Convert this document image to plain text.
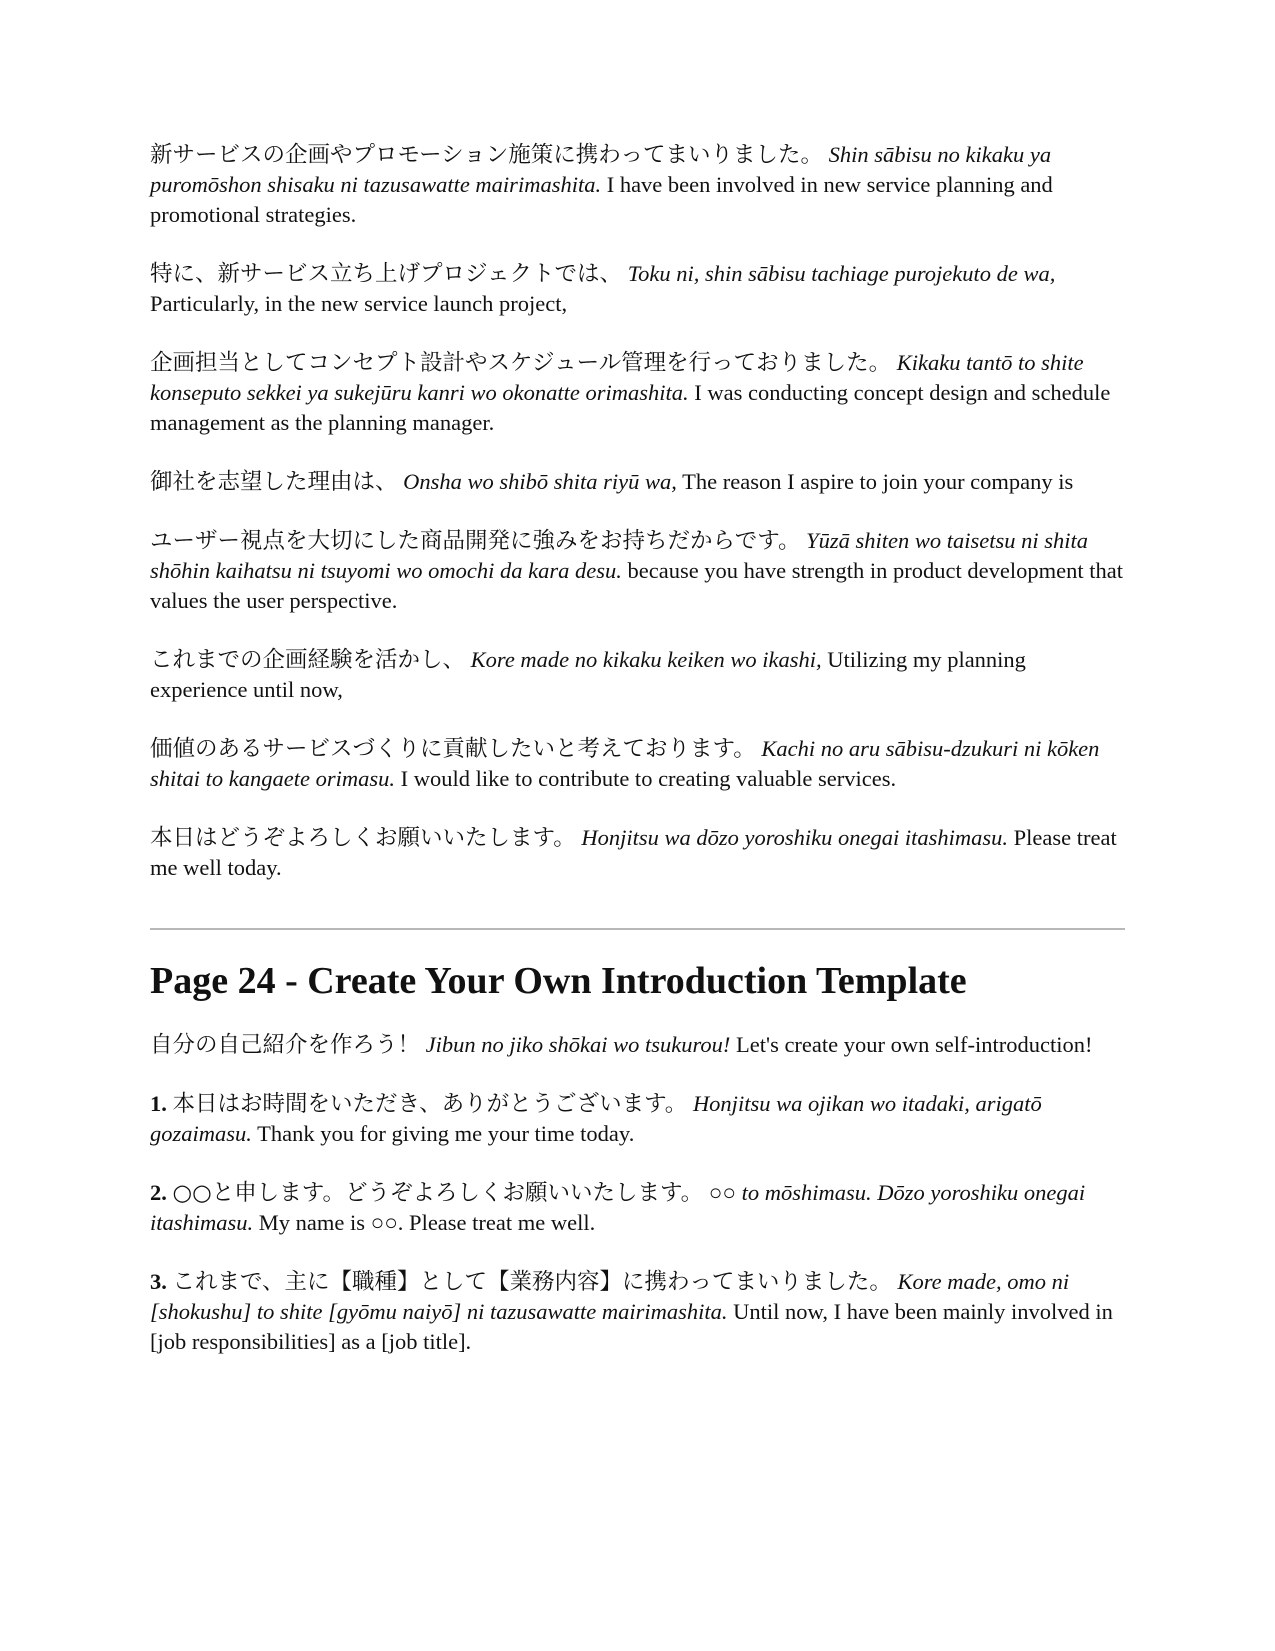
新サービスの企画やプロモーション施策に携わってまいりました。 Shin sābisu no kikaku ya puromōshon shisaku ni tazusawatte mairimashita. I have been involved in new service planning and promotional strategies.

特に、新サービス立ち上げプロジェクトでは、 Toku ni, shin sābisu tachiage purojekuto de wa, Particularly, in the new service launch project,

企画担当としてコンセプト設計やスケジュール管理を行っておりました。 Kikaku tantō to shite konseputo sekkei ya sukejūru kanri wo okonatte orimashita. I was conducting concept design and schedule management as the planning manager.

御社を志望した理由は、 Onsha wo shibō shita riyū wa, The reason I aspire to join your company is

ユーザー視点を大切にした商品開発に強みをお持ちだからです。 Yūzā shiten wo taisetsu ni shita shōhin kaihatsu ni tsuyomi wo omochi da kara desu. because you have strength in product development that values the user perspective.

これまでの企画経験を活かし、 Kore made no kikaku keiken wo ikashi, Utilizing my planning experience until now,

価値のあるサービスづくりに貢献したいと考えております。 Kachi no aru sābisu-dzukuri ni kōken shitai to kangaete orimasu. I would like to contribute to creating valuable services.

本日はどうぞよろしくお願いいたします。 Honjitsu wa dōzo yoroshiku onegai itashimasu. Please treat me well today.

Page 24 - Create Your Own Introduction Template

自分の自己紹介を作ろう！ Jibun no jiko shōkai wo tsukurou! Let's create your own self-introduction!

1. 本日はお時間をいただき、ありがとうございます。 Honjitsu wa ojikan wo itadaki, arigatō gozaimasu. Thank you for giving me your time today.

2. ○○と申します。どうぞよろしくお願いいたします。 ○○ to mōshimasu. Dōzo yoroshiku onegai itashimasu. My name is ○○. Please treat me well.

3. これまで、主に【職種】として【業務内容】に携わってまいりました。 Kore made, omo ni [shokushu] to shite [gyōmu naiyō] ni tazusawatte mairimashita. Until now, I have been mainly involved in [job responsibilities] as a [job title].
